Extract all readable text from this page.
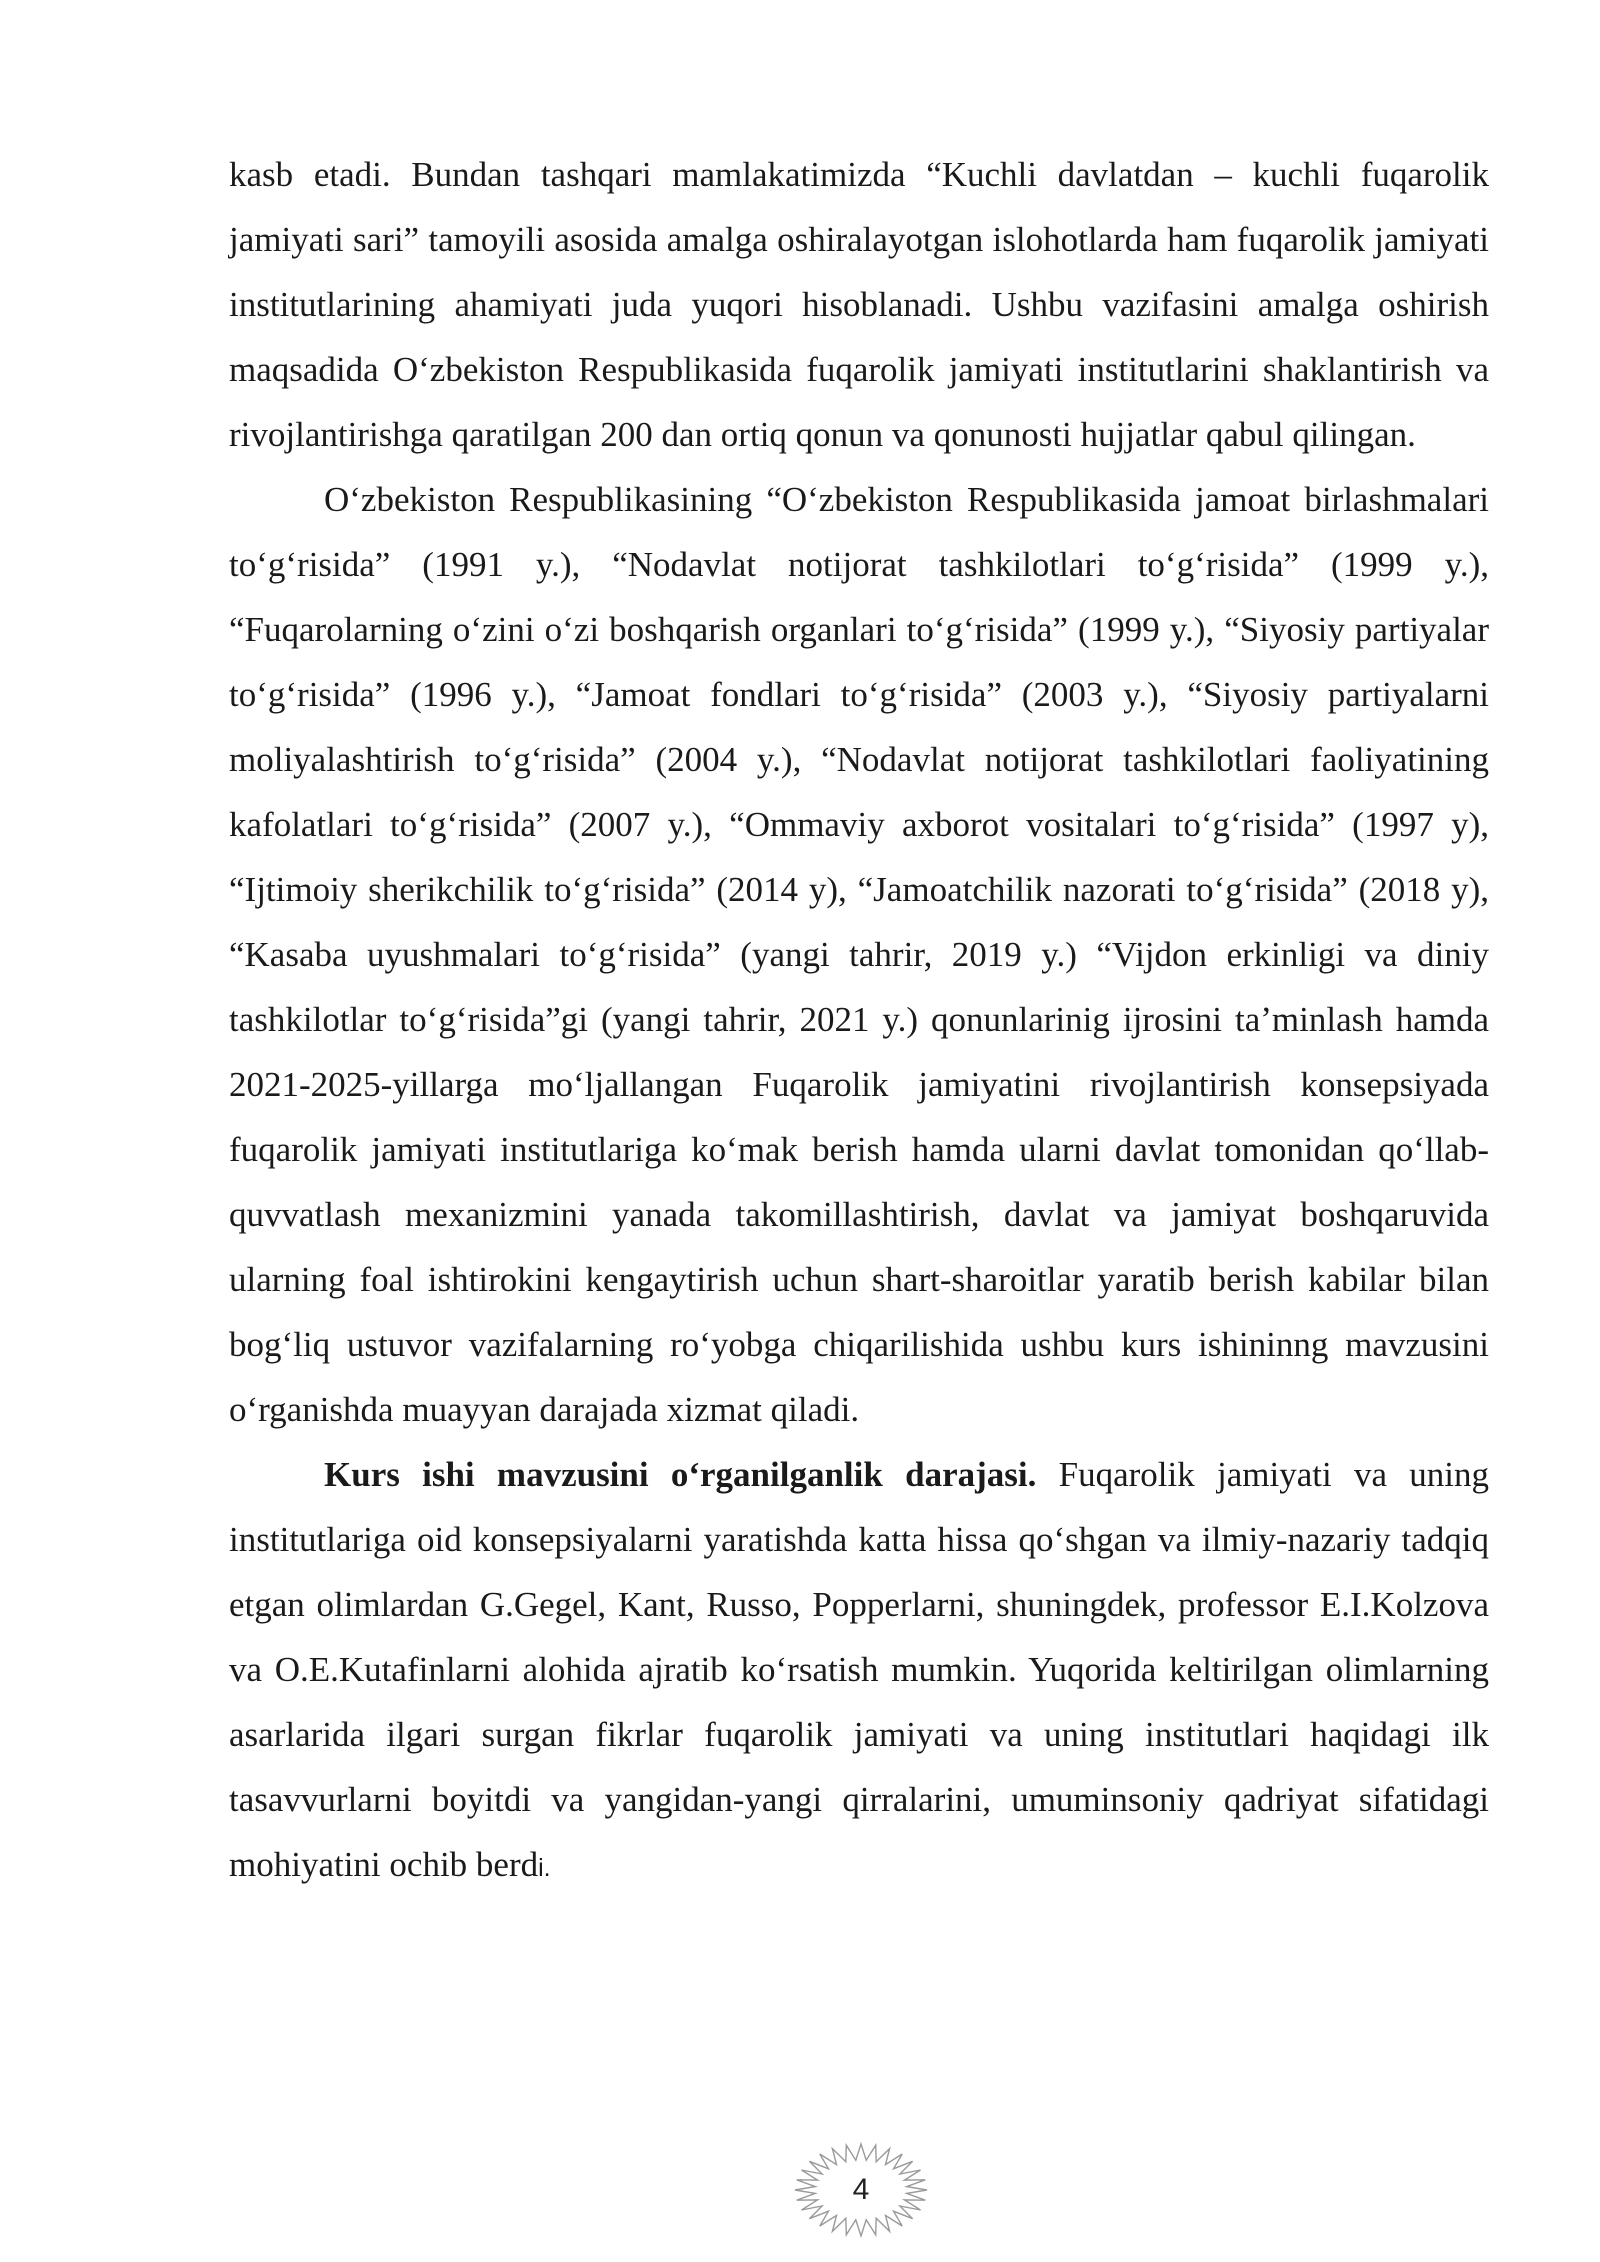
kasb etadi. Bundan tashqari mamlakatimizda “Kuchli davlatdan – kuchli fuqarolik jamiyati sari” tamoyili asosida amalga oshiralayotgan islohotlarda ham fuqarolik jamiyati institutlarining ahamiyati juda yuqori hisoblanadi. Ushbu vazifasini amalga oshirish maqsadida Oʻzbekiston Respublikasida fuqarolik jamiyati institutlarini shaklantirish va rivojlantirishga qaratilgan 200 dan ortiq qonun va qonunosti hujjatlar qabul qilingan.

Oʻzbekiston Respublikasining “Oʻzbekiston Respublikasida jamoat birlashmalari toʻgʻrisida” (1991 y.), “Nodavlat notijorat tashkilotlari toʻgʻrisida” (1999 y.), “Fuqarolarning oʻzini oʻzi boshqarish organlari toʻgʻrisida” (1999 y.), “Siyosiy partiyalar toʻgʻrisida” (1996 y.), “Jamoat fondlari toʻgʻrisida” (2003 y.), “Siyosiy partiyalarni moliyalashtirish toʻgʻrisida” (2004 y.), “Nodavlat notijorat tashkilotlari faoliyatining kafolatlari toʻgʻrisida” (2007 y.), “Ommaviy axborot vositalari toʻgʻrisida” (1997 y), “Ijtimoiy sherikchilik toʻgʻrisida” (2014 y), “Jamoatchilik nazorati toʻgʻrisida” (2018 y), “Kasaba uyushmalari toʻgʻrisida” (yangi tahrir, 2019 y.) “Vijdon erkinligi va diniy tashkilotlar toʻgʻrisida”gi (yangi tahrir, 2021 y.) qonunlarinig ijrosini taʼminlash hamda 2021-2025-yillarga moʻljallangan Fuqarolik jamiyatini rivojlantirish konsepsiyada fuqarolik jamiyati institutlariga koʻmak berish hamda ularni davlat tomonidan qoʻllab-quvvatlash mexanizmini yanada takomillashtirish, davlat va jamiyat boshqaruvida ularning foal ishtirokini kengaytirish uchun shart-sharoitlar yaratib berish kabilar bilan bogʻliq ustuvor vazifalarning roʻyobga chiqarilishida ushbu kurs ishininng mavzusini oʻrganishda muayyan darajada xizmat qiladi.

Kurs ishi mavzusini oʻrganilganlik darajasi. Fuqarolik jamiyati va uning institutlariga oid konsepsiyalarni yaratishda katta hissa qoʻshgan va ilmiy-nazariy tadqiq etgan olimlardan G.Gegel, Kant, Russo, Popperlarni, shuningdek, professor E.I.Kolzova va O.E.Kutafinlarni alohida ajratib koʻrsatish mumkin. Yuqorida keltirilgan olimlarning asarlarida ilgari surgan fikrlar fuqarolik jamiyati va uning institutlari haqidagi ilk tasavvurlarni boyitdi va yangidan-yangi qirralarini, umuminsoniy qadriyat sifatidagi mohiyatini ochib berdi.

4
